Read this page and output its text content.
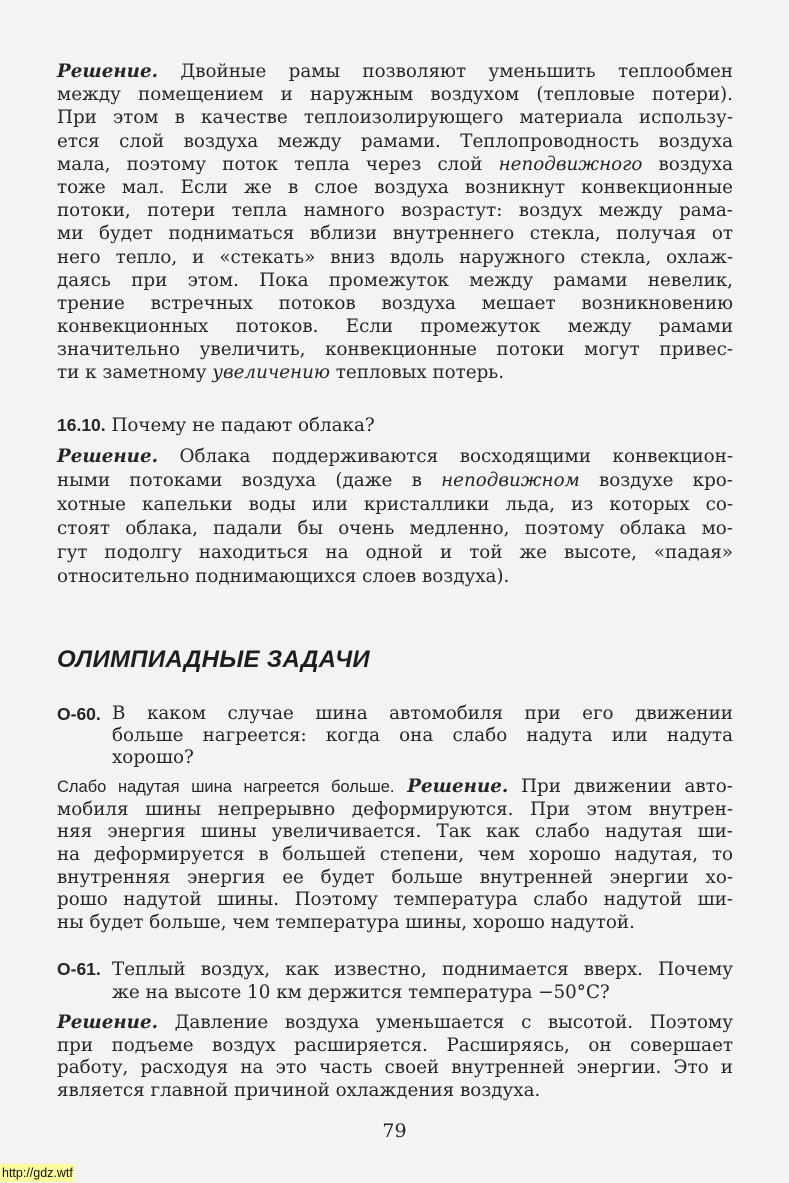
Решение. Двойные рамы позволяют уменьшить теплообмен
между помещением и наружным воздухом (тепловые потери).
При этом в качестве теплоизолирующего материала использу-
ется слой воздуха между рамами. Теплопроводность воздуха
мала, поэтому поток тепла через слой неподвижного воздуха
тоже мал. Если же в слое воздуха возникнут конвекционные
потоки, потери тепла намного возрастут: воздух между рама-
ми будет подниматься вблизи внутреннего стекла, получая от
него тепло, и «стекать» вниз вдоль наружного стекла, охлаж-
даясь при этом. Пока промежуток между рамами невелик,
трение встречных потоков воздуха мешает возникновению
конвекционных потоков. Если промежуток между рамами
значительно увеличить, конвекционные потоки могут привес-
ти к заметному увеличению тепловых потерь.
16.10. Почему не падают облака?
Решение. Облака поддерживаются восходящими конвекцион-
ными потоками воздуха (даже в неподвижном воздухе кро-
хотные капельки воды или кристаллики льда, из которых со-
стоят облака, падали бы очень медленно, поэтому облака мо-
гут подолгу находиться на одной и той же высоте, «падая»
относительно поднимающихся слоев воздуха).
ОЛИМПИАДНЫЕ ЗАДАЧИ
О-60. В каком случае шина автомобиля при его движении
больше нагреется: когда она слабо надута или надута
хорошо?
Слабо надутая шина нагреется больше. Решение. При движении авто-
мобиля шины непрерывно деформируются. При этом внутрен-
няя энергия шины увеличивается. Так как слабо надутая ши-
на деформируется в большей степени, чем хорошо надутая, то
внутренняя энергия ее будет больше внутренней энергии хо-
рошо надутой шины. Поэтому температура слабо надутой ши-
ны будет больше, чем температура шины, хорошо надутой.
О-61. Теплый воздух, как известно, поднимается вверх. Почему
же на высоте 10 км держится температура −50°С?
Решение. Давление воздуха уменьшается с высотой. Поэтому
при подъеме воздух расширяется. Расширяясь, он совершает
работу, расходуя на это часть своей внутренней энергии. Это и
является главной причиной охлаждения воздуха.
79
http://gdz.wtf
